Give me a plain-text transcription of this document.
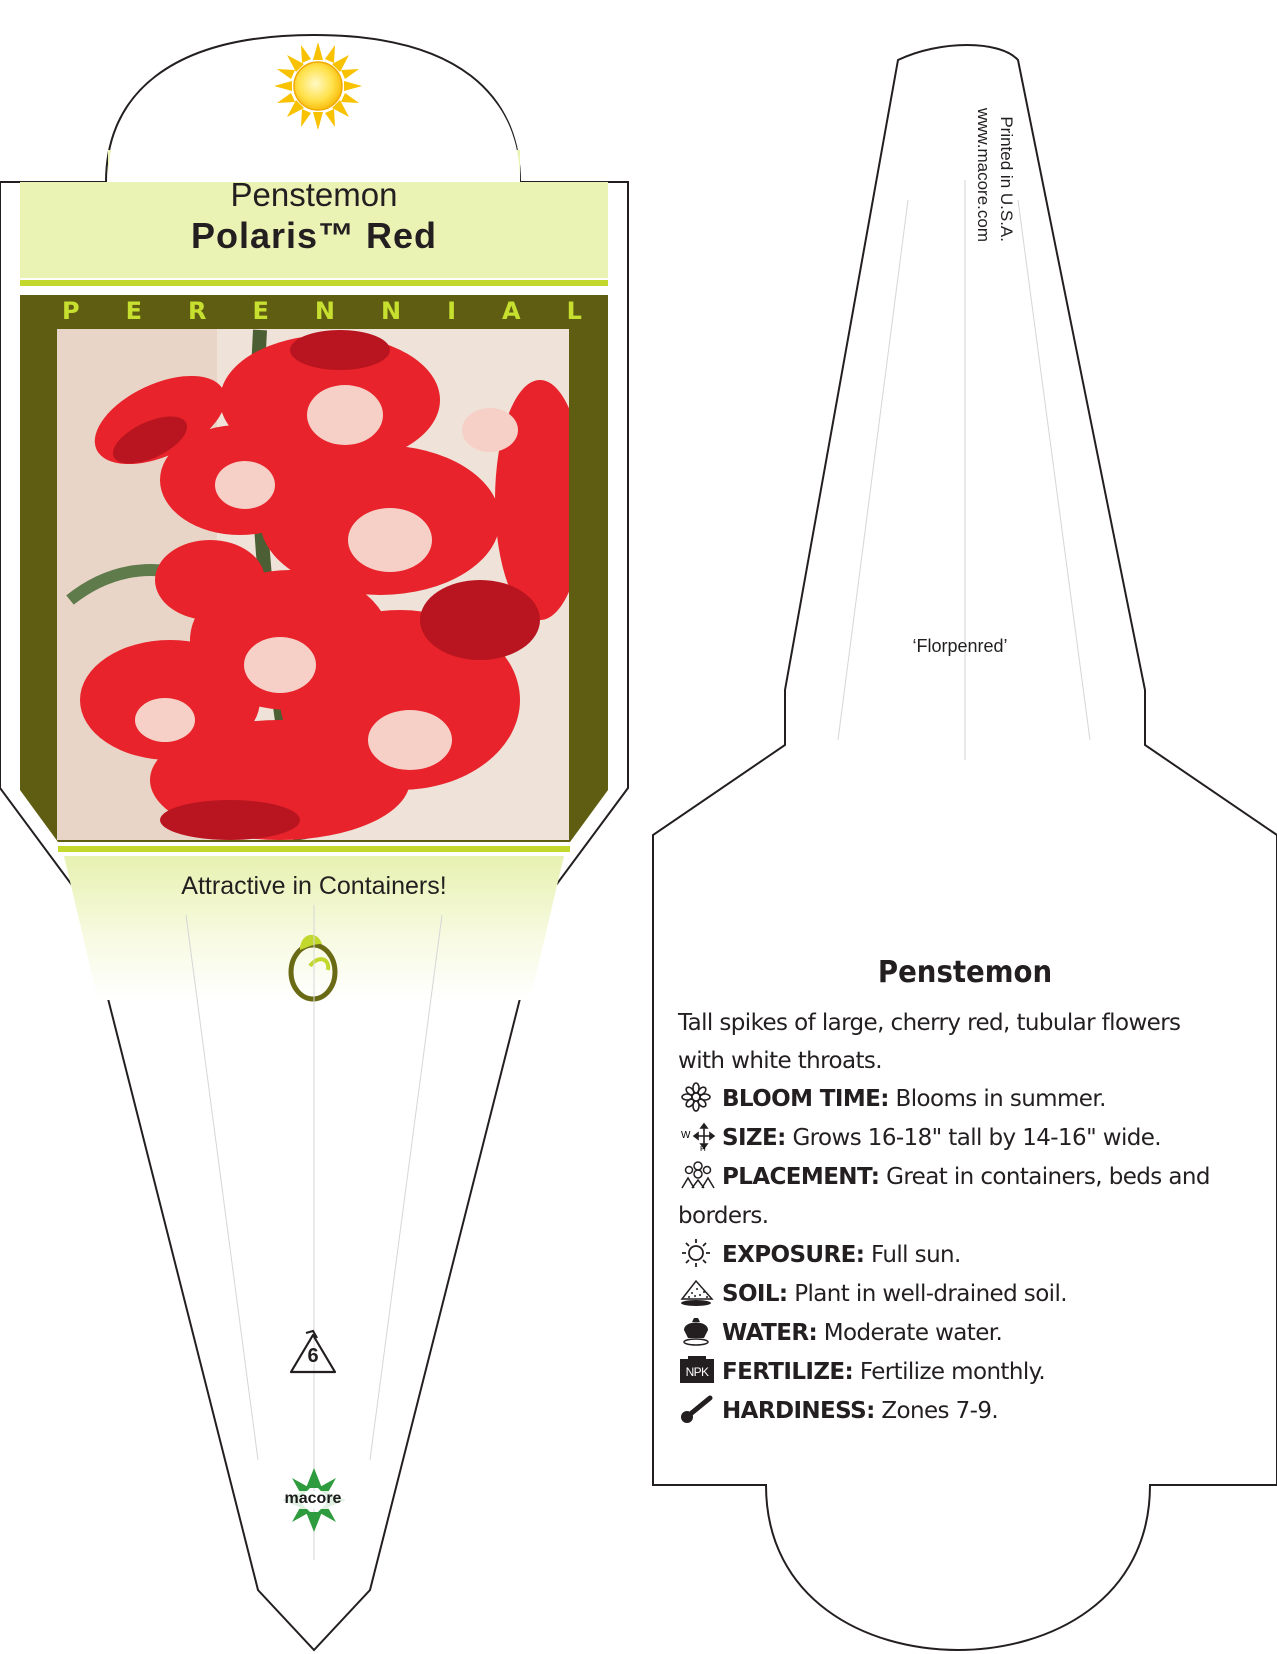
Penstemon
Polaris™ Red
P E R E N N I A L
Attractive in Containers!
6
macore
Printed in U.S.A.
www.macore.com
‘Florpenred’
Penstemon
Tall spikes of large, cherry red, tubular flowers with white throats.
BLOOM TIME: Blooms in summer.
W
H SIZE: Grows 16-18" tall by 14-16" wide.
PLACEMENT: Great in containers, beds and borders.
EXPOSURE: Full sun.
SOIL: Plant in well-drained soil.
WATER: Moderate water.
NPK FERTILIZE: Fertilize monthly.
HARDINESS: Zones 7-9.
